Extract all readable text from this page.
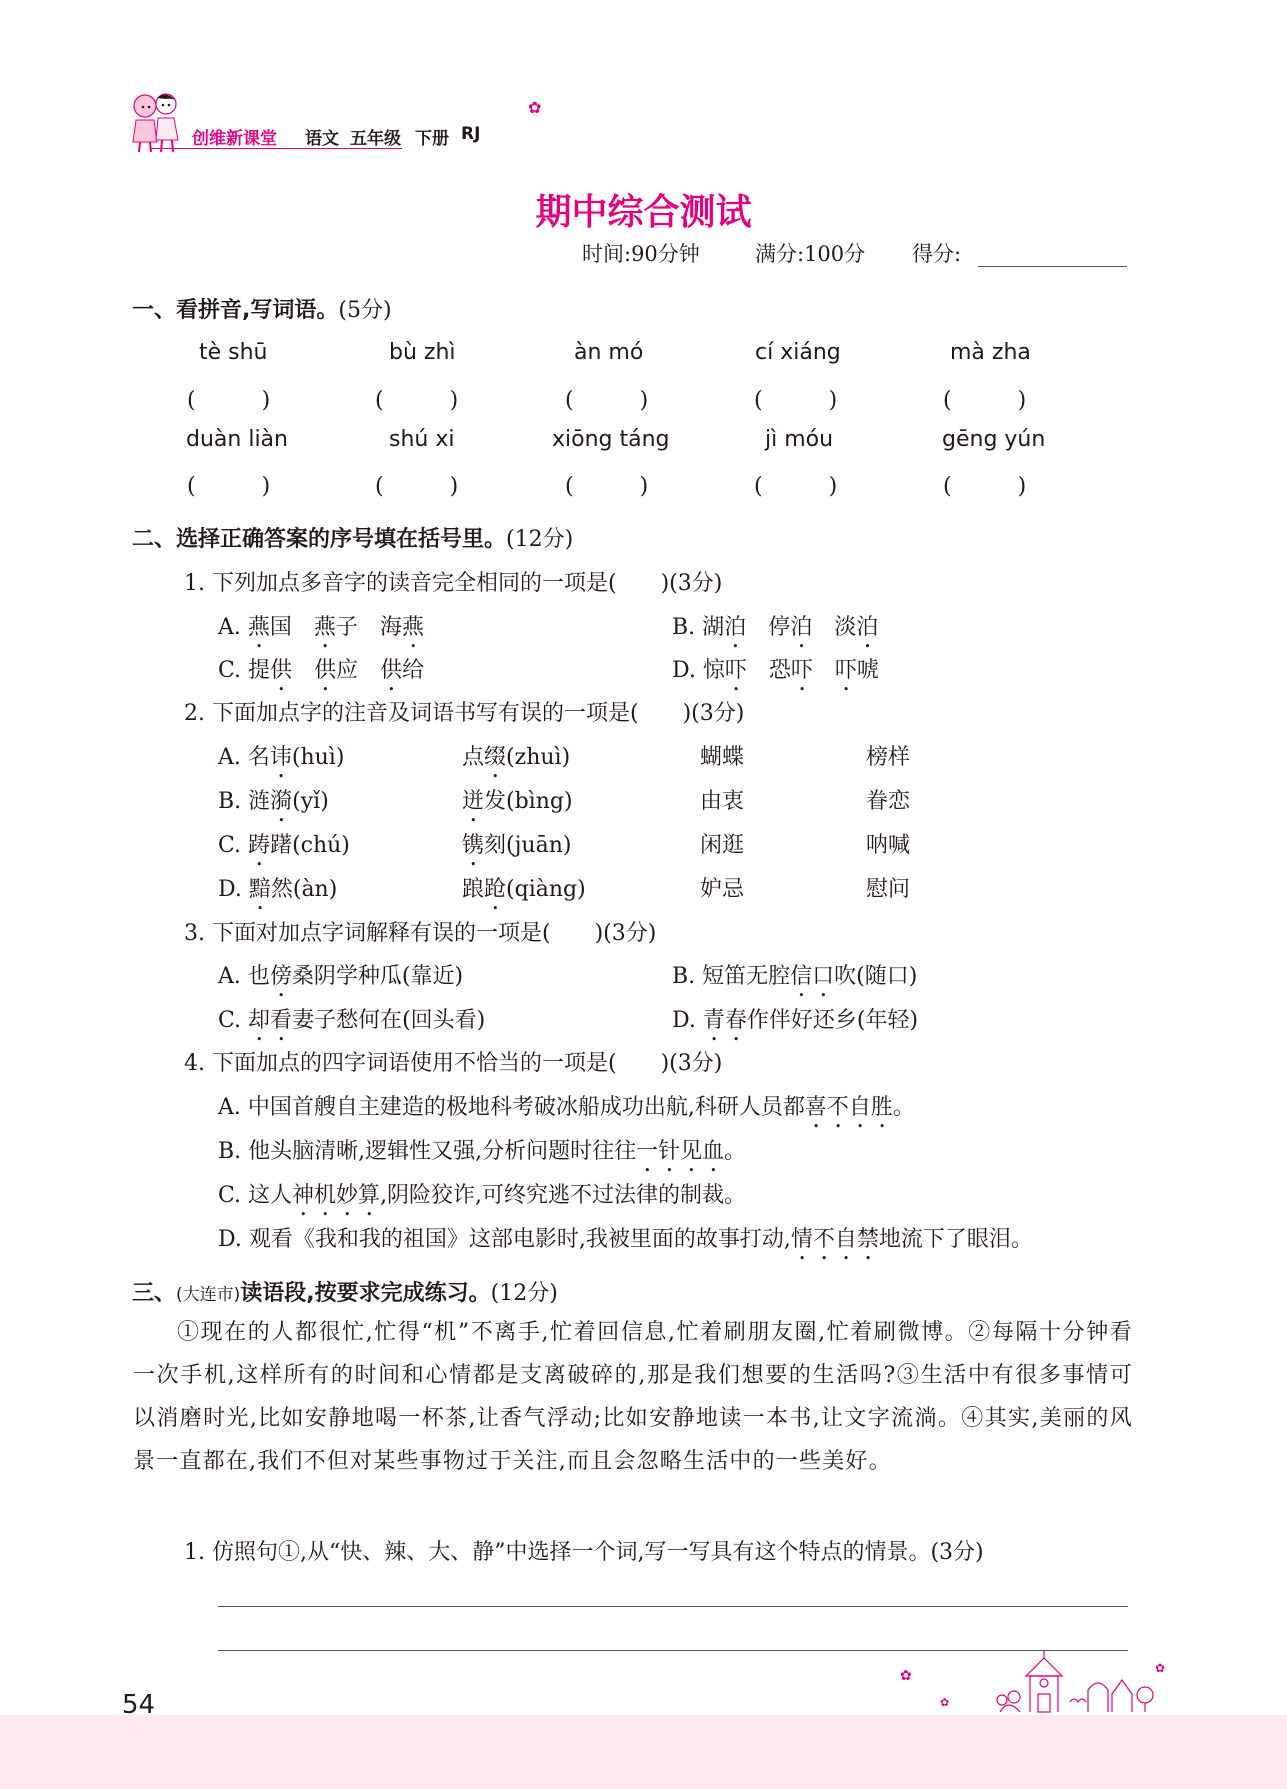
创维新课堂 语文 五年级 下册 RJ
✿
期中综合测试
时间:90分钟	满分:100分 得分:
一、看拼音,写词语。(5分)
tè shū	bù zhì	àn mó	cí xiáng	mà zha
(　　　)	(　　　)	(　　　)	(　　　)	(　　　)
duàn liàn	shú xi	xiōng táng	jì móu	gēng yún
(　　　)	(　　　)	(　　　)	(　　　)	(　　　)
二、选择正确答案的序号填在括号里。(12分)
1. 下列加点多音字的读音完全相同的一项是(　　)(3分)
A. 燕国　燕子　海燕	B. 湖泊　停泊　淡泊
C. 提供　 供应　供给	D. 惊吓　恐吓　 吓唬
2. 下面加点字的注音及词语书写有误的一项是(　　)(3分)
A. 名讳(huì)	点缀(zhuì)	蝴蝶	榜样
B. 涟漪(yǐ)	迸发(bìng)	由衷	眷恋
C. 踌躇(chú)	镌刻(juān)	闲逛	呐喊
D. 黯然(àn)	踉跄(qiàng)	妒忌	慰问
3. 下面对加点字词解释有误的一项是(　　)(3分)
A. 也傍桑阴学种瓜(靠近)	B. 短笛无腔信口吹(随口)
C. 却看妻子愁何在(回头看)	D. 青春作伴好还乡(年轻)
4. 下面加点的四字词语使用不恰当的一项是(　　)(3分)
A. 中国首艘自主建造的极地科考破冰船成功出航,科研人员都喜不自胜。
B. 他头脑清晰,逻辑性又强,分析问题时往往一针见血。
C. 这人神机妙算,阴险狡诈,可终究逃不过法律的制裁。
D. 观看《我和我的祖国》这部电影时,我被里面的故事打动,情不自禁地流下了眼泪。
三、(大连市)读语段,按要求完成练习。(12分)
①现在的人都很忙,忙得“机”不离手,忙着回信息,忙着刷朋友圈,忙着刷微博。②每隔十分钟看一次手机,这样所有的时间和心情都是支离破碎的,那是我们想要的生活吗?③生活中有很多事情可以消磨时光,比如安静地喝一杯茶,让香气浮动;比如安静地读一本书,让文字流淌。④其实,美丽的风景一直都在,我们不但对某些事物过于关注,而且会忽略生活中的一些美好。
1. 仿照句①,从“快、辣、大、静”中选择一个词,写一写具有这个特点的情景。(3分)
54
✿	✿
✿
